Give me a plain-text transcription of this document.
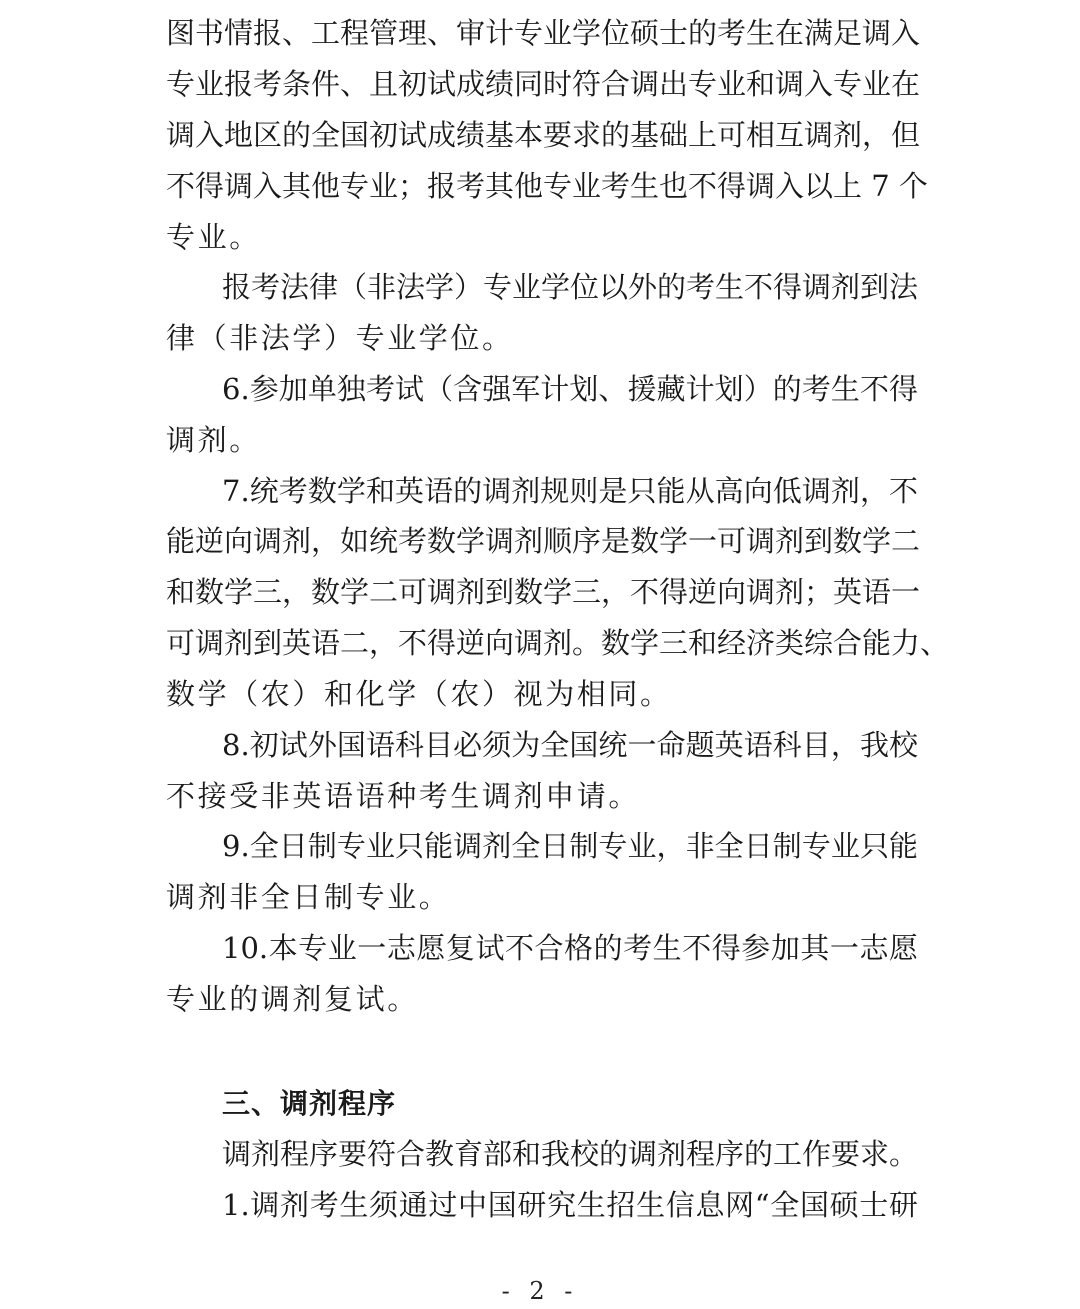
图书情报、工程管理、审计专业学位硕士的考生在满足调入
专业报考条件、且初试成绩同时符合调出专业和调入专业在
调入地区的全国初试成绩基本要求的基础上可相互调剂，但
不得调入其他专业；报考其他专业考生也不得调入以上 7 个
专业。
报考法律（非法学）专业学位以外的考生不得调剂到法
律（非法学）专业学位。
6.参加单独考试（含强军计划、援藏计划）的考生不得
调剂。
7.统考数学和英语的调剂规则是只能从高向低调剂，不
能逆向调剂，如统考数学调剂顺序是数学一可调剂到数学二
和数学三，数学二可调剂到数学三，不得逆向调剂；英语一
可调剂到英语二，不得逆向调剂。数学三和经济类综合能力、
数学（农）和化学（农）视为相同。
8.初试外国语科目必须为全国统一命题英语科目，我校
不接受非英语语种考生调剂申请。
9.全日制专业只能调剂全日制专业，非全日制专业只能
调剂非全日制专业。
10.本专业一志愿复试不合格的考生不得参加其一志愿
专业的调剂复试。
三、调剂程序
调剂程序要符合教育部和我校的调剂程序的工作要求。
1.调剂考生须通过中国研究生招生信息网“全国硕士研
- 2 -
